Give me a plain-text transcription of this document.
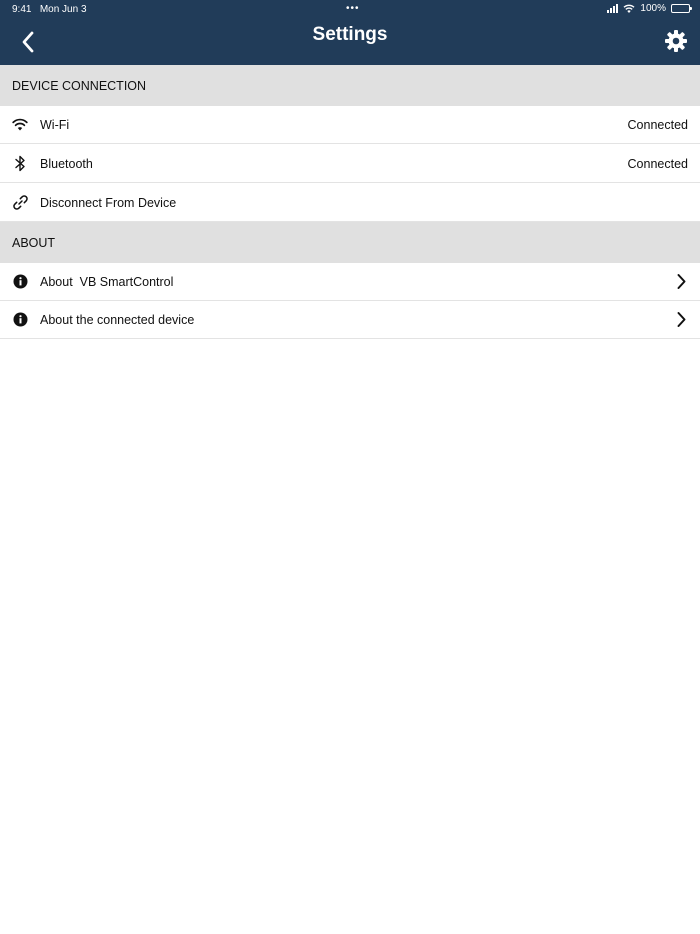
9:41 Mon Jun 3	•••	100%
Settings
DEVICE CONNECTION
Wi-Fi	Connected
Bluetooth	Connected
Disconnect From Device
ABOUT
About  VB SmartControl
About the connected device
